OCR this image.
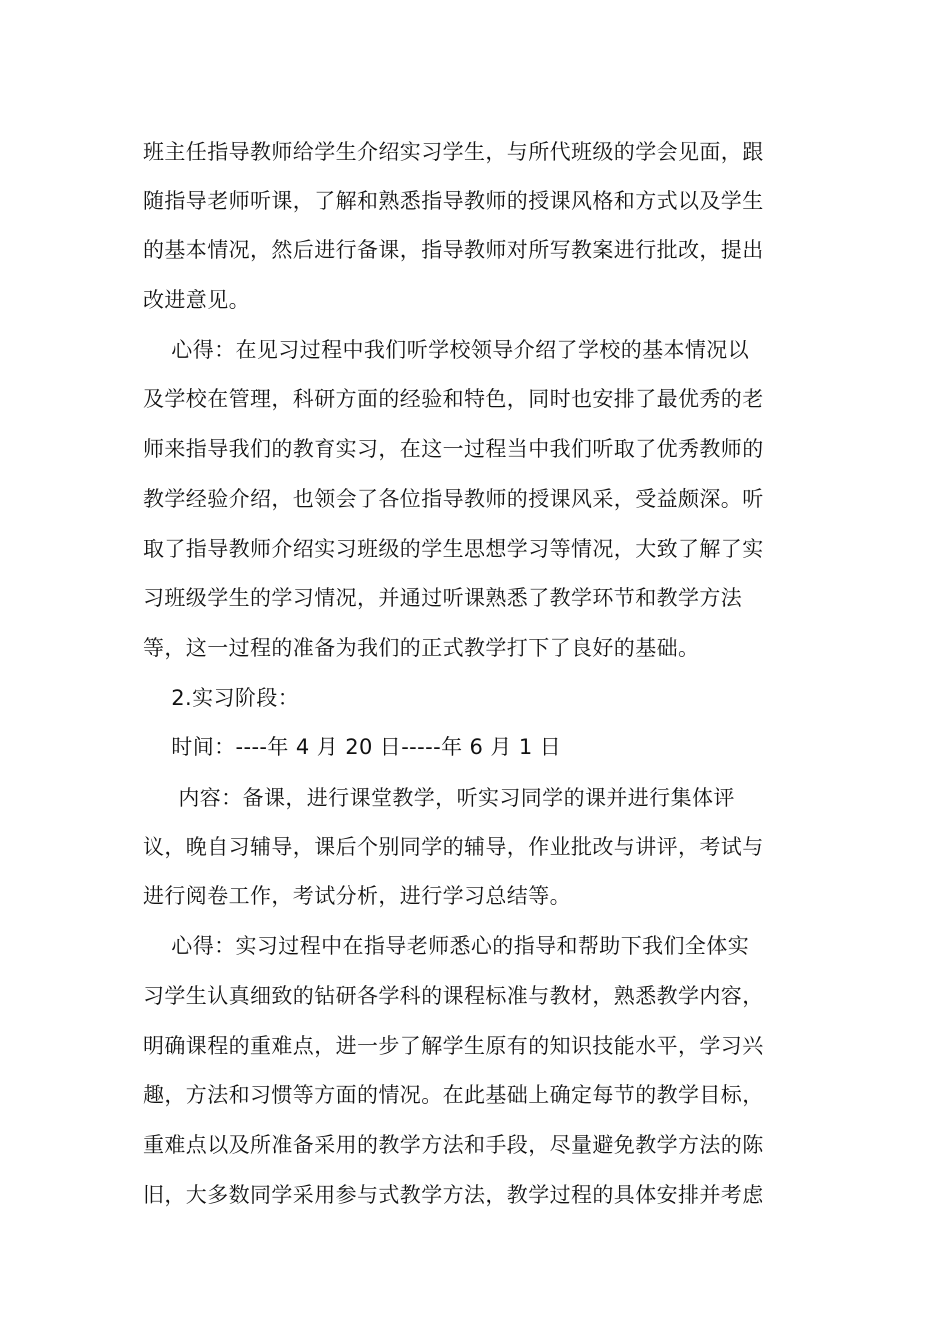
班主任指导教师给学生介绍实习学生，与所代班级的学会见面，跟
随指导老师听课，了解和熟悉指导教师的授课风格和方式以及学生
的基本情况，然后进行备课，指导教师对所写教案进行批改，提出
改进意见。
心得：在见习过程中我们听学校领导介绍了学校的基本情况以
及学校在管理，科研方面的经验和特色，同时也安排了最优秀的老
师来指导我们的教育实习，在这一过程当中我们听取了优秀教师的
教学经验介绍，也领会了各位指导教师的授课风采，受益颇深。听
取了指导教师介绍实习班级的学生思想学习等情况，大致了解了实
习班级学生的学习情况，并通过听课熟悉了教学环节和教学方法
等，这一过程的准备为我们的正式教学打下了良好的基础。
2.实习阶段：
时间：----年 4 月 20 日-----年 6 月 1 日
内容：备课，进行课堂教学，听实习同学的课并进行集体评
议，晚自习辅导，课后个别同学的辅导，作业批改与讲评，考试与
进行阅卷工作，考试分析，进行学习总结等。
心得：实习过程中在指导老师悉心的指导和帮助下我们全体实
习学生认真细致的钻研各学科的课程标准与教材，熟悉教学内容，
明确课程的重难点，进一步了解学生原有的知识技能水平，学习兴
趣，方法和习惯等方面的情况。在此基础上确定每节的教学目标，
重难点以及所准备采用的教学方法和手段，尽量避免教学方法的陈
旧，大多数同学采用参与式教学方法，教学过程的具体安排并考虑
